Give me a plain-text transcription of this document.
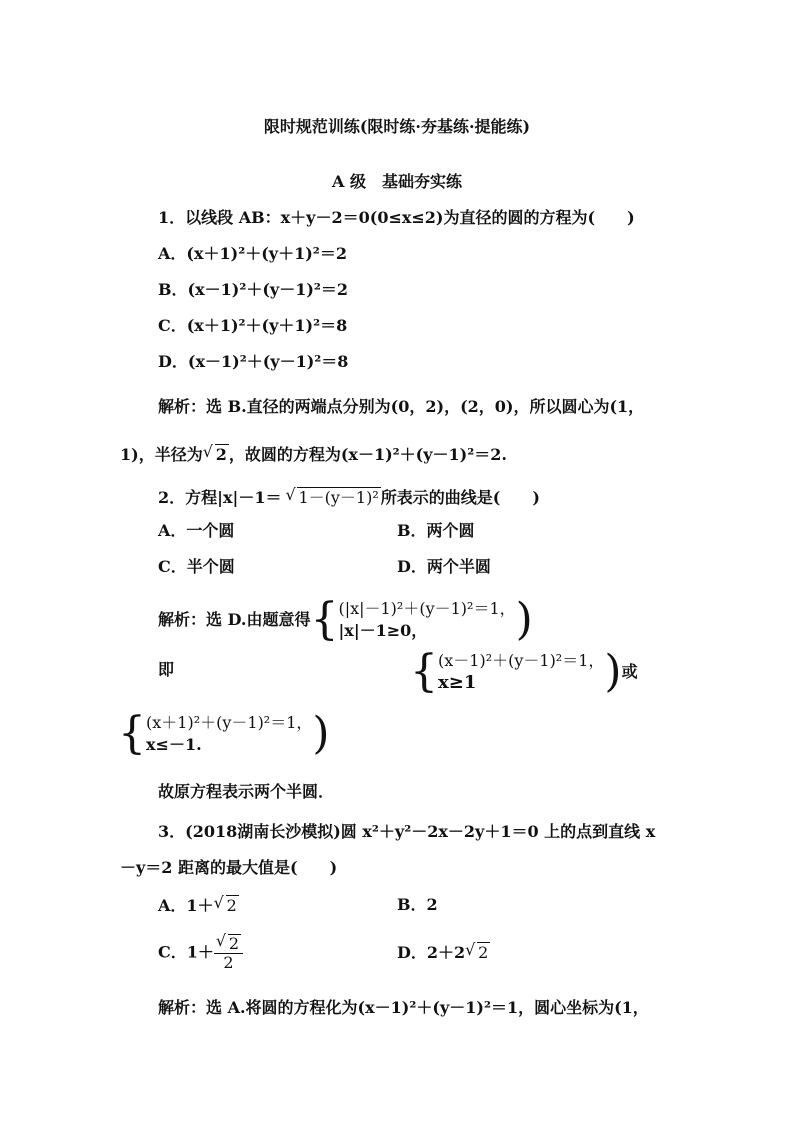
限时规范训练(限时练·夯基练·提能练)
A 级　基础夯实练
1．以线段 AB：x＋y－2＝0(0≤x≤2)为直径的圆的方程为(　　)
A．(x＋1)²＋(y＋1)²＝2
B．(x－1)²＋(y－1)²＝2
C．(x＋1)²＋(y＋1)²＝8
D．(x－1)²＋(y－1)²＝8
解析：选 B.直径的两端点分别为(0，2)，(2，0)，所以圆心为(1，
1)，半径为 √ 2 ，故圆的方程为(x－1)²＋(y－1)²＝2.
2．方程|x|－1＝ √ 1－(y－1)² 所表示的曲线是(　　)
A．一个圆	B．两个圆
C．半个圆	D．两个半圆
解析：选 D.由题意得{(|x|－1)²＋(y－1)²＝1，
|x|－1≥0， )
即	{(x－1)²＋(y－1)²＝1，
x≥1	)或
{(x＋1)²＋(y－1)²＝1，
x≤－1.	)
故原方程表示两个半圆．
3．(2018湖南长沙模拟)圆 x²＋y²－2x－2y＋1＝0 上的点到直线 x
－y＝2 距离的最大值是(　　)
A．1＋ √ 2	B．2
C．1＋ √ $\frac{2}{2}$	D．2＋2 √ 2
解析：选 A.将圆的方程化为(x－1)²＋(y－1)²＝1，圆心坐标为(1，
